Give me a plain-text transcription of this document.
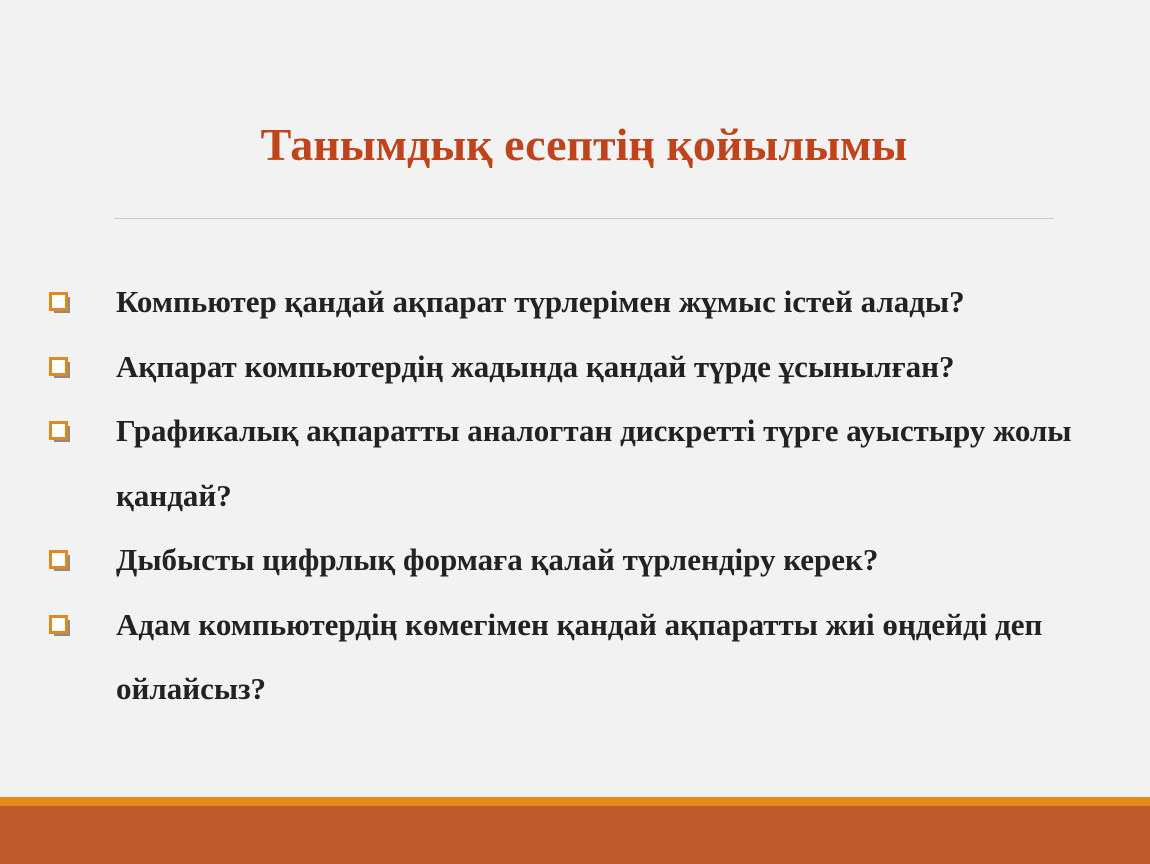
Танымдық есептің қойылымы
Компьютер қандай ақпарат түрлерімен жұмыс істей алады?
Ақпарат компьютердің жадында қандай түрде ұсынылған?
Графикалық ақпаратты аналогтан дискретті түрге ауыстыру жолы қандай?
Дыбысты цифрлық формаға қалай түрлендіру керек?
Адам компьютердің көмегімен қандай ақпаратты жиі өңдейді деп ойлайсыз?
